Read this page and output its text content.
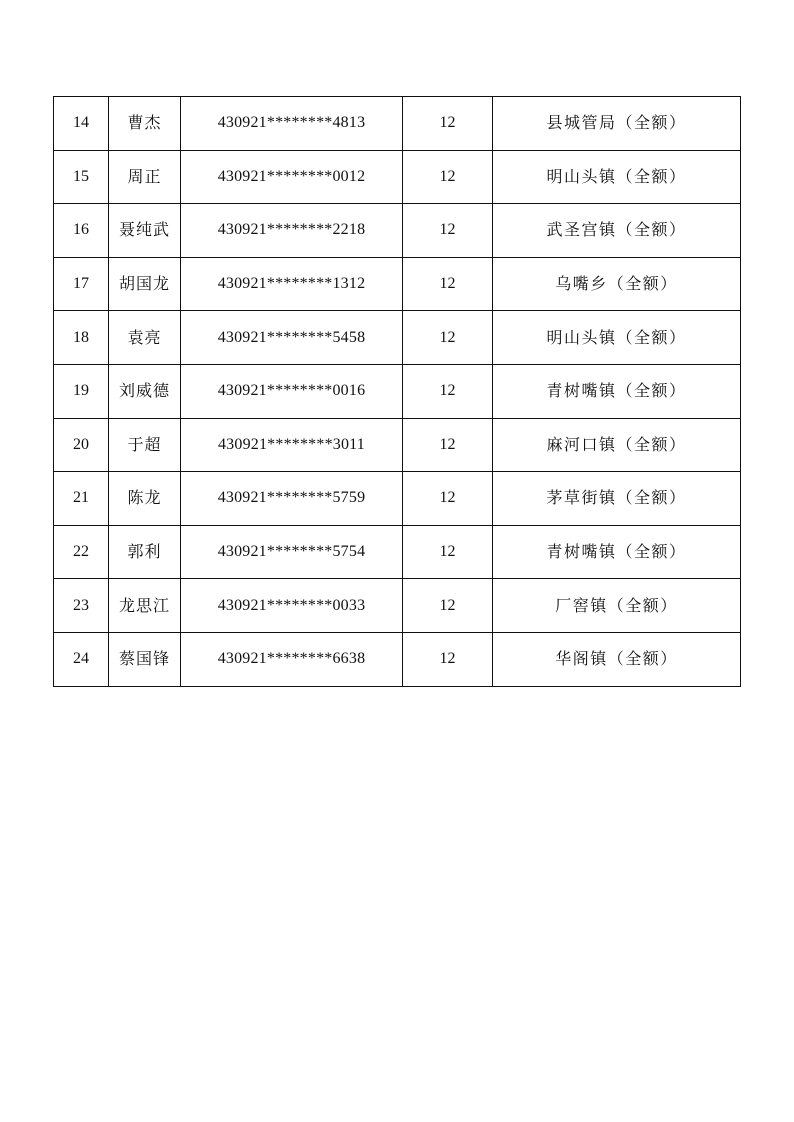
14	曹杰	430921********4813	12	县城管局（全额）
15	周正	430921********0012	12	明山头镇（全额）
16	聂纯武	430921********2218	12	武圣宫镇（全额）
17	胡国龙	430921********1312	12	乌嘴乡（全额）
18	袁亮	430921********5458	12	明山头镇（全额）
19	刘威德	430921********0016	12	青树嘴镇（全额）
20	于超	430921********3011	12	麻河口镇（全额）
21	陈龙	430921********5759	12	茅草街镇（全额）
22	郭利	430921********5754	12	青树嘴镇（全额）
23	龙思江	430921********0033	12	厂窖镇（全额）
24	蔡国锋	430921********6638	12	华阁镇（全额）
